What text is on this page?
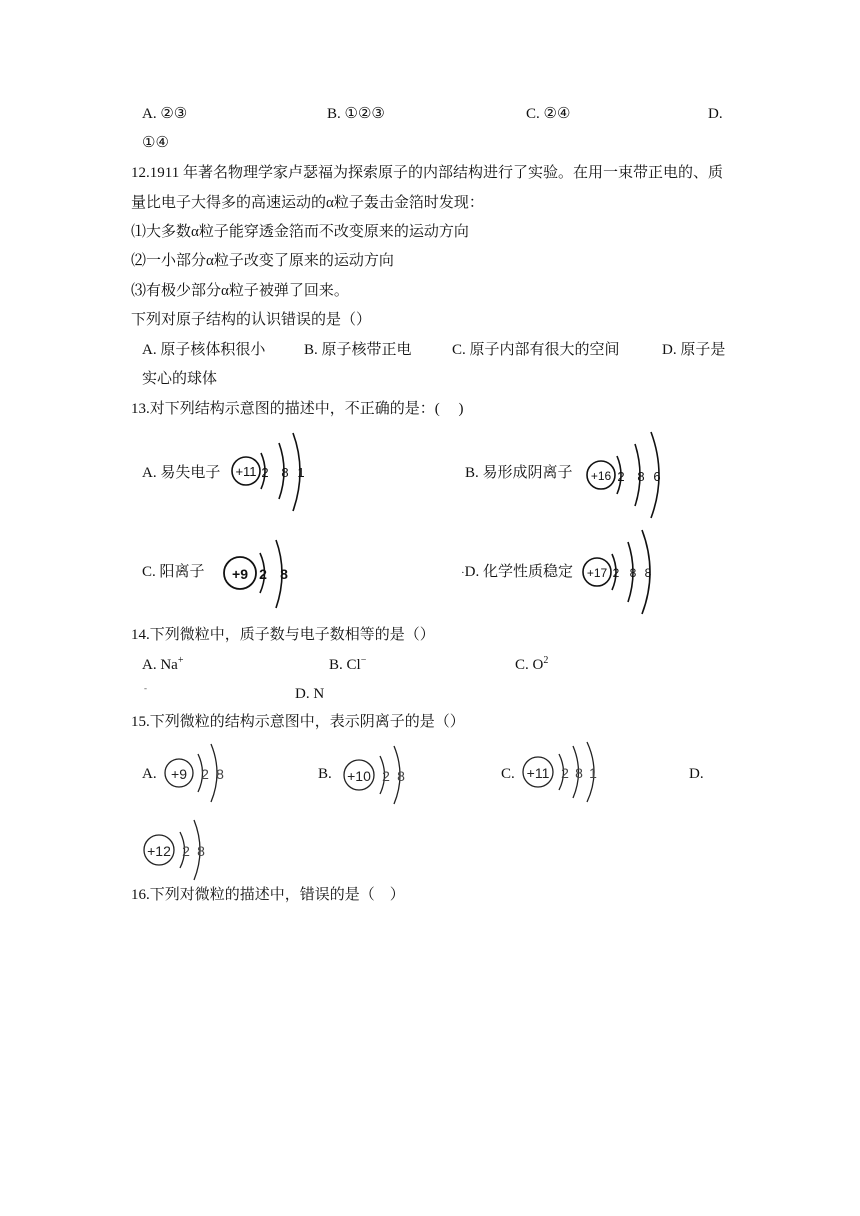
A. ②③	B. ①②③	C. ②④	D.
①④
12.1911 年著名物理学家卢瑟福为探索原子的内部结构进行了实验。在用一束带正电的、质
量比电子大得多的高速运动的α粒子轰击金箔时发现：
⑴大多数α粒子能穿透金箔而不改变原来的运动方向
⑵一小部分α粒子改变了原来的运动方向
⑶有极少部分α粒子被弹了回来。
下列对原子结构的认识错误的是（）
A. 原子核体积很小	B. 原子核带正电	C. 原子内部有很大的空间	D. 原子是
实心的球体
13.对下列结构示意图的描述中，不正确的是：(　 )
A. 易失电子 +11 2 8 1	B. 易形成阴离子 +16 2 8 6
C. 阳离子 +9 2 8	·D. 化学性质稳定 +17 2 8 8
14.下列微粒中，质子数与电子数相等的是（）
A. Na+	B. Cl−	C. $O^2$
-	D. N
15.下列微粒的结构示意图中，表示阴离子的是（）
A. +9 2 8	B. +10 2 8	C. +11 2 8 1	D.
+12 2 8
16.下列对微粒的描述中，错误的是（　）
